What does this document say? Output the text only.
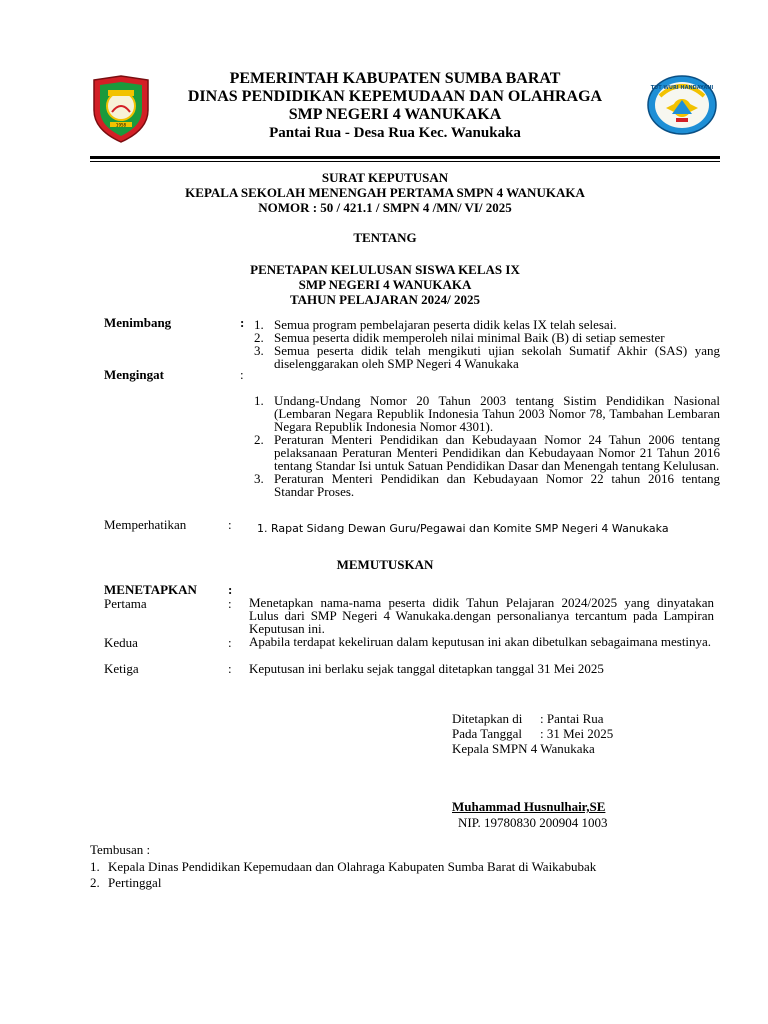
1958
TUT WURI HANDAYANI
PEMERINTAH KABUPATEN SUMBA BARAT
DINAS PENDIDIKAN KEPEMUDAAN DAN OLAHRAGA
SMP NEGERI 4 WANUKAKA
Pantai Rua - Desa Rua Kec. Wanukaka
SURAT KEPUTUSAN
KEPALA SEKOLAH MENENGAH PERTAMA SMPN 4 WANUKAKA
NOMOR : 50 / 421.1 / SMPN 4 /MN/ VI/ 2025
TENTANG
PENETAPAN KELULUSAN SISWA KELAS IX
SMP NEGERI 4 WANUKAKA
TAHUN PELAJARAN 2024/ 2025
Menimbang	: 1. Semua program pembelajaran peserta didik kelas IX telah selesai.
2. Semua peserta didik memperoleh nilai minimal Baik (B) di setiap semester
3. Semua peserta didik telah mengikuti ujian sekolah Sumatif Akhir (SAS) yang diselenggarakan oleh SMP Negeri 4 Wanukaka
Mengingat	:
1. Undang-Undang Nomor 20 Tahun 2003 tentang Sistim Pendidikan Nasional (Lembaran Negara Republik Indonesia Tahun 2003 Nomor 78, Tambahan Lembaran Negara Republik Indonesia Nomor 4301).
2. Peraturan Menteri Pendidikan dan Kebudayaan Nomor 24 Tahun 2006 tentang pelaksanaan Peraturan Menteri Pendidikan dan Kebudayaan Nomor 21 Tahun 2016 tentang Standar Isi untuk Satuan Pendidikan Dasar dan Menengah tentang Kelulusan.
3. Peraturan Menteri Pendidikan dan Kebudayaan Nomor 22 tahun 2016 tentang Standar Proses.
Memperhatikan	: 1. Rapat Sidang Dewan Guru/Pegawai dan Komite SMP Negeri 4 Wanukaka
MEMUTUSKAN
MENETAPKAN :
Pertama	: Menetapkan nama-nama peserta didik Tahun Pelajaran 2024/2025 yang dinyatakan Lulus dari SMP Negeri 4 Wanukaka.dengan personalianya tercantum pada Lampiran Keputusan ini.
Kedua	: Apabila terdapat kekeliruan dalam keputusan ini akan dibetulkan sebagaimana mestinya.
Ketiga	: Keputusan ini berlaku sejak tanggal ditetapkan tanggal 31 Mei 2025
Ditetapkan di : Pantai Rua
Pada Tanggal : 31 Mei 2025
Kepala SMPN 4 Wanukaka
Muhammad Husnulhair,SE
NIP. 19780830 200904 1003
Tembusan :
1. Kepala Dinas Pendidikan Kepemudaan dan Olahraga Kabupaten Sumba Barat di Waikabubak
2. Pertinggal
